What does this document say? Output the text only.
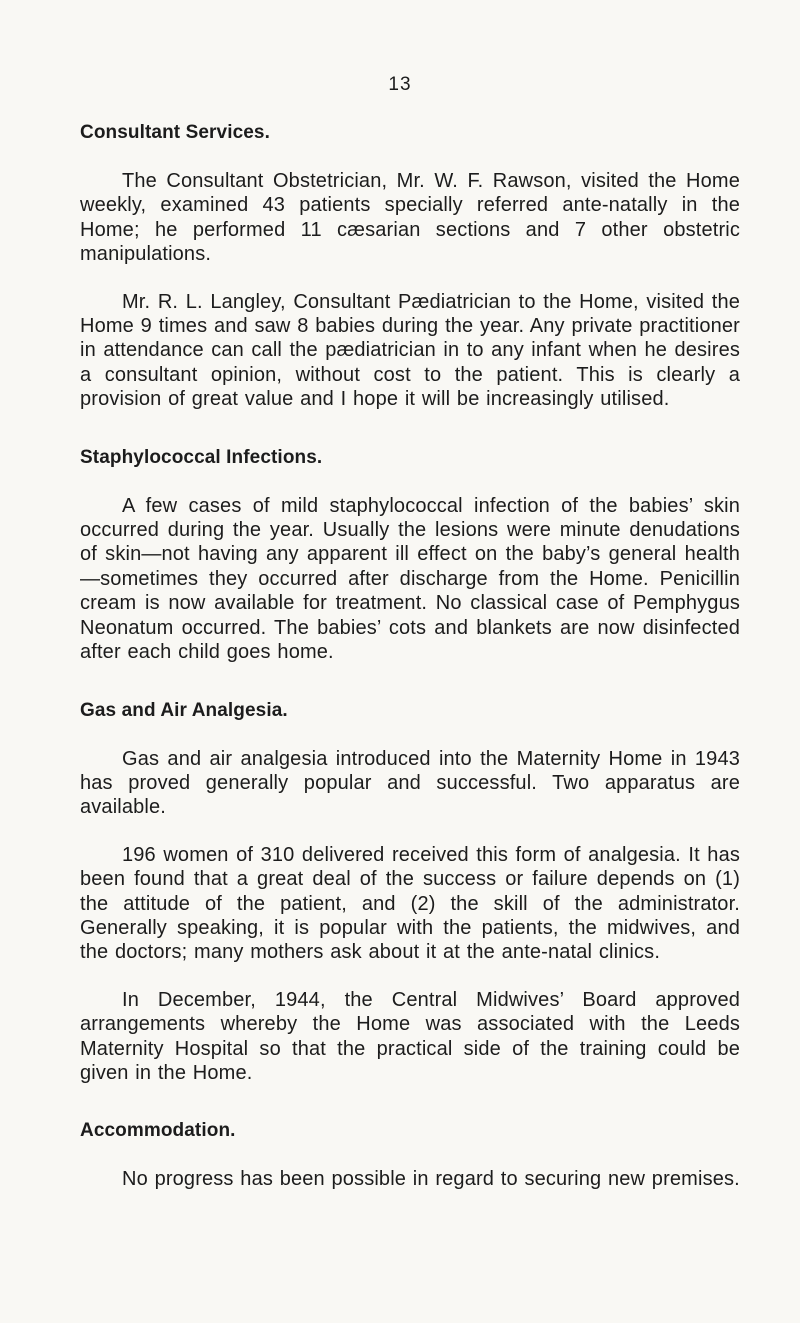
13
Consultant Services.

The Consultant Obstetrician, Mr. W. F. Rawson, visited the Home weekly, examined 43 patients specially referred ante-natally in the Home; he performed 11 cæsarian sections and 7 other obstetric manipulations.

Mr. R. L. Langley, Consultant Pædiatrician to the Home, visited the Home 9 times and saw 8 babies during the year. Any private practitioner in attendance can call the pædiatrician in to any infant when he desires a consultant opinion, without cost to the patient. This is clearly a provision of great value and I hope it will be increasingly utilised.

Staphylococcal Infections.

A few cases of mild staphylococcal infection of the babies’ skin occurred during the year. Usually the lesions were minute denudations of skin—not having any apparent ill effect on the baby’s general health—sometimes they occurred after discharge from the Home. Penicillin cream is now available for treatment. No classical case of Pemphygus Neonatum occurred. The babies’ cots and blankets are now disinfected after each child goes home.

Gas and Air Analgesia.

Gas and air analgesia introduced into the Maternity Home in 1943 has proved generally popular and successful. Two apparatus are available.

196 women of 310 delivered received this form of analgesia. It has been found that a great deal of the success or failure depends on (1) the attitude of the patient, and (2) the skill of the administrator. Generally speaking, it is popular with the patients, the midwives, and the doctors; many mothers ask about it at the ante-natal clinics.

In December, 1944, the Central Midwives’ Board approved arrangements whereby the Home was associated with the Leeds Maternity Hospital so that the practical side of the training could be given in the Home.

Accommodation.

No progress has been possible in regard to securing new premises.
